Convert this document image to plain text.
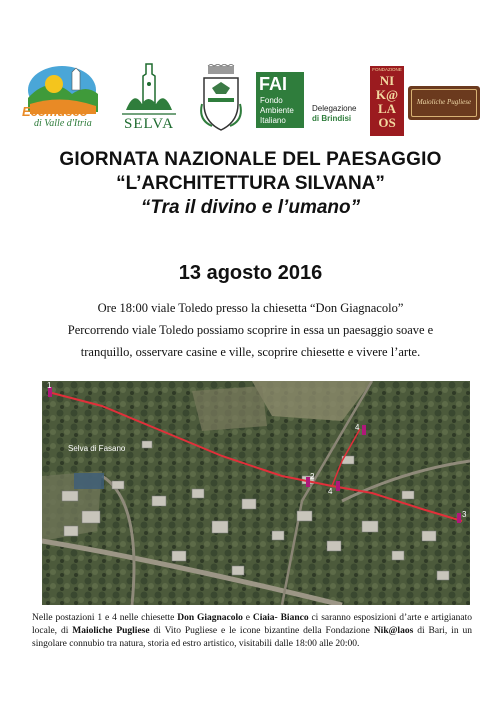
Ecomuseo
di Valle d'Itria SELVA
FAI
Fondo
Ambiente
Italiano
Delegazione
di Brindisi
FONDAZIONE
NI
K@
LA
OS
Maioliche Pugliese
GIORNATA NAZIONALE DEL PAESAGGIO
“L’ARCHITETTURA SILVANA”
“Tra il divino e l’umano”
13 agosto 2016
Ore 18:00 viale Toledo presso la chiesetta “Don Giagnacolo”
Percorrendo viale Toledo possiamo scoprire in essa un paesaggio soave e
tranquillo, osservare casine e ville, scoprire chiesette e vivere l’arte.
1
2
3
4
4
Selva di Fasano
Nelle postazioni 1 e 4 nelle chiesette Don Giagnacolo e Ciaia- Bianco ci saranno esposizioni d’arte e artigianato locale, di Maioliche Pugliese di Vito Pugliese e le icone bizantine della Fondazione Nik@laos di Bari, in un singolare connubio tra natura, storia ed estro artistico, visitabili dalle 18:00 alle 20:00.
